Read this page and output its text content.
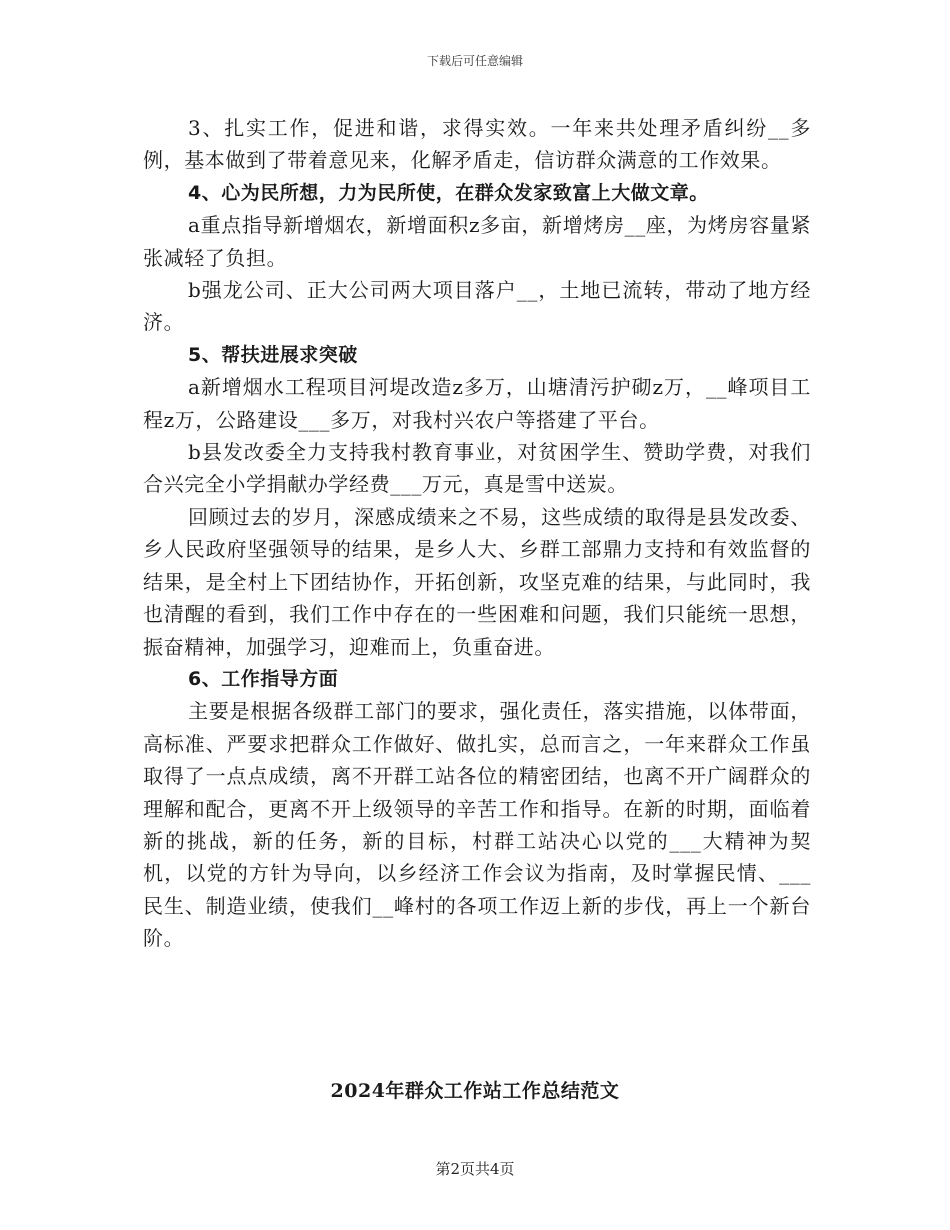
下载后可任意编辑

3、扎实工作，促进和谐，求得实效。一年来共处理矛盾纠纷__多例，基本做到了带着意见来，化解矛盾走，信访群众满意的工作效果。

4、心为民所想，力为民所使，在群众发家致富上大做文章。

a重点指导新增烟农，新增面积z多亩，新增烤房__座，为烤房容量紧张减轻了负担。

b强龙公司、正大公司两大项目落户__，土地已流转，带动了地方经济。

5、帮扶进展求突破

a新增烟水工程项目河堤改造z多万，山塘清污护砌z万，__峰项目工程z万，公路建设___多万，对我村兴农户等搭建了平台。

b县发改委全力支持我村教育事业，对贫困学生、赞助学费，对我们合兴完全小学捐献办学经费___万元，真是雪中送炭。

回顾过去的岁月，深感成绩来之不易，这些成绩的取得是县发改委、乡人民政府坚强领导的结果，是乡人大、乡群工部鼎力支持和有效监督的结果，是全村上下团结协作，开拓创新，攻坚克难的结果，与此同时，我也清醒的看到，我们工作中存在的一些困难和问题，我们只能统一思想，振奋精神，加强学习，迎难而上，负重奋进。

6、工作指导方面

主要是根据各级群工部门的要求，强化责任，落实措施，以体带面，高标准、严要求把群众工作做好、做扎实，总而言之，一年来群众工作虽取得了一点点成绩，离不开群工站各位的精密团结，也离不开广阔群众的理解和配合，更离不开上级领导的辛苦工作和指导。在新的时期，面临着新的挑战，新的任务，新的目标，村群工站决心以党的___大精神为契机，以党的方针为导向，以乡经济工作会议为指南，及时掌握民情、___民生、制造业绩，使我们__峰村的各项工作迈上新的步伐，再上一个新台阶。

2024年群众工作站工作总结范文
第2页共4页
